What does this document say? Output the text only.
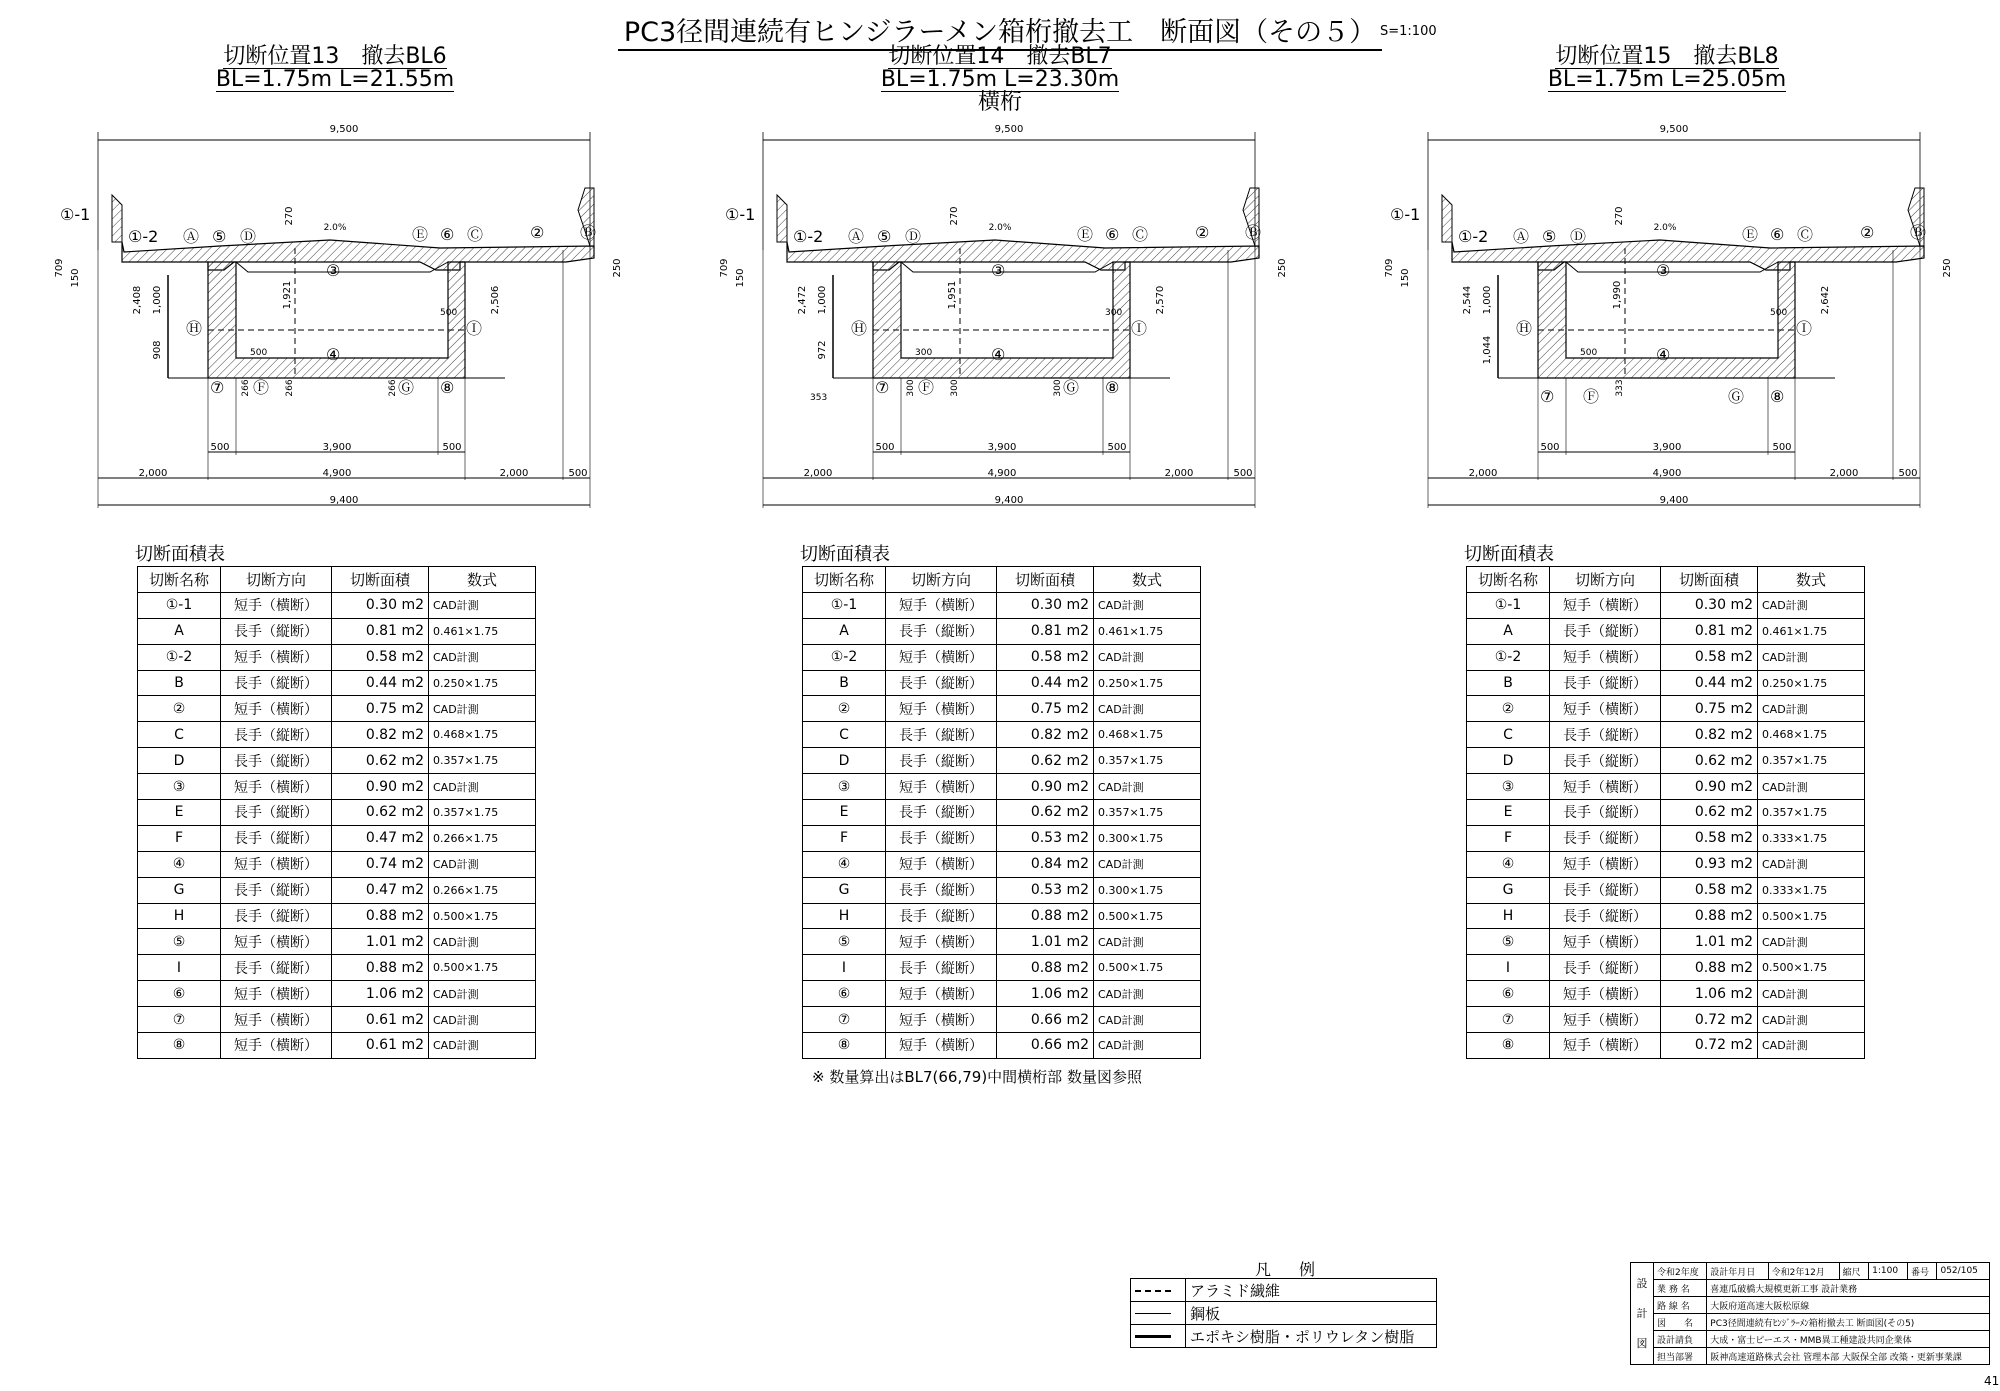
PC3径間連続有ヒンジラーメン箱桁撤去工　断面図（その５） S=1:100
切断位置13　撤去BL6
BL=1.75m L=21.55m
切断位置14　撤去BL7
BL=1.75m L=23.30m

横桁
切断位置15　撤去BL8
BL=1.75m L=25.05m
9,500
500	3,900	500
2,000	4,900	2,000	500
9,400
709
150
2,408 1,000
908
1,921
270
2,506
250
2.0%
266	266	266
①-1
①-2 Ⓐ ⑤ Ⓓ	Ⓔ ⑥ Ⓒ	② Ⓑ
③
④
Ⓗ	Ⓘ
⑦ Ⓕ	Ⓖ ⑧
500
500
9,500
500	3,900	500
2,000	4,900	2,000	500
9,400
709
150
2,472 1,000
972
1,951
270
2,570
250
2.0%
300	300	300
①-1
①-2 Ⓐ ⑤ Ⓓ	Ⓔ ⑥ Ⓒ	② Ⓑ
③
④
Ⓗ	Ⓘ
⑦ Ⓕ	Ⓖ ⑧
300
300
353
9,500
500	3,900	500
2,000	4,900	2,000	500
9,400
709
150
2,544 1,000
1,044
1,990
270
2,642
250
2.0%
333
①-1
①-2 Ⓐ ⑤ Ⓓ	Ⓔ ⑥ Ⓒ	② Ⓑ
③
④
Ⓗ	Ⓘ
⑦ Ⓕ	Ⓖ ⑧
500
500
切断面積表
切断名称	切断方向	切断面積	数式
①-1	短手（横断）	0.30 m2	CAD計測
A	長手（縦断）	0.81 m2	0.461×1.75
①-2	短手（横断）	0.58 m2	CAD計測
B	長手（縦断）	0.44 m2	0.250×1.75
②	短手（横断）	0.75 m2	CAD計測
C	長手（縦断）	0.82 m2	0.468×1.75
D	長手（縦断）	0.62 m2	0.357×1.75
③	短手（横断）	0.90 m2	CAD計測
E	長手（縦断）	0.62 m2	0.357×1.75
F	長手（縦断）	0.47 m2	0.266×1.75
④	短手（横断）	0.74 m2	CAD計測
G	長手（縦断）	0.47 m2	0.266×1.75
H	長手（縦断）	0.88 m2	0.500×1.75
⑤	短手（横断）	1.01 m2	CAD計測
I	長手（縦断）	0.88 m2	0.500×1.75
⑥	短手（横断）	1.06 m2	CAD計測
⑦	短手（横断）	0.61 m2	CAD計測
⑧	短手（横断）	0.61 m2	CAD計測
切断面積表
切断名称	切断方向	切断面積	数式
①-1	短手（横断）	0.30 m2	CAD計測
A	長手（縦断）	0.81 m2	0.461×1.75
①-2	短手（横断）	0.58 m2	CAD計測
B	長手（縦断）	0.44 m2	0.250×1.75
②	短手（横断）	0.75 m2	CAD計測
C	長手（縦断）	0.82 m2	0.468×1.75
D	長手（縦断）	0.62 m2	0.357×1.75
③	短手（横断）	0.90 m2	CAD計測
E	長手（縦断）	0.62 m2	0.357×1.75
F	長手（縦断）	0.53 m2	0.300×1.75
④	短手（横断）	0.84 m2	CAD計測
G	長手（縦断）	0.53 m2	0.300×1.75
H	長手（縦断）	0.88 m2	0.500×1.75
⑤	短手（横断）	1.01 m2	CAD計測
I	長手（縦断）	0.88 m2	0.500×1.75
⑥	短手（横断）	1.06 m2	CAD計測
⑦	短手（横断）	0.66 m2	CAD計測
⑧	短手（横断）	0.66 m2	CAD計測
※ 数量算出はBL7(66,79)中間横桁部 数量図参照
切断面積表
切断名称	切断方向	切断面積	数式
①-1	短手（横断）	0.30 m2	CAD計測
A	長手（縦断）	0.81 m2	0.461×1.75
①-2	短手（横断）	0.58 m2	CAD計測
B	長手（縦断）	0.44 m2	0.250×1.75
②	短手（横断）	0.75 m2	CAD計測
C	長手（縦断）	0.82 m2	0.468×1.75
D	長手（縦断）	0.62 m2	0.357×1.75
③	短手（横断）	0.90 m2	CAD計測
E	長手（縦断）	0.62 m2	0.357×1.75
F	長手（縦断）	0.58 m2	0.333×1.75
④	短手（横断）	0.93 m2	CAD計測
G	長手（縦断）	0.58 m2	0.333×1.75
H	長手（縦断）	0.88 m2	0.500×1.75
⑤	短手（横断）	1.01 m2	CAD計測
I	長手（縦断）	0.88 m2	0.500×1.75
⑥	短手（横断）	1.06 m2	CAD計測
⑦	短手（横断）	0.72 m2	CAD計測
⑧	短手（横断）	0.72 m2	CAD計測
凡　例
	アラミド繊維
	鋼板
	エポキシ樹脂・ポリウレタン樹脂
設
計
図	令和2年度	設計年月日	令和2年12月	縮尺	1:100	番号	052/105
	業 務 名	喜連瓜破橋大規模更新工事 設計業務					
	路 線 名	大阪府道高速大阪松原線					
	図　　名	PC3径間連続有ﾋﾝｼﾞﾗｰﾒﾝ箱桁撤去工 断面図(その5)					
	設計請負	大成・富士ピーエス・MMB異工種建設共同企業体					
	担当部署	阪神高速道路株式会社 管理本部 大阪保全部 改築・更新事業課					
41
